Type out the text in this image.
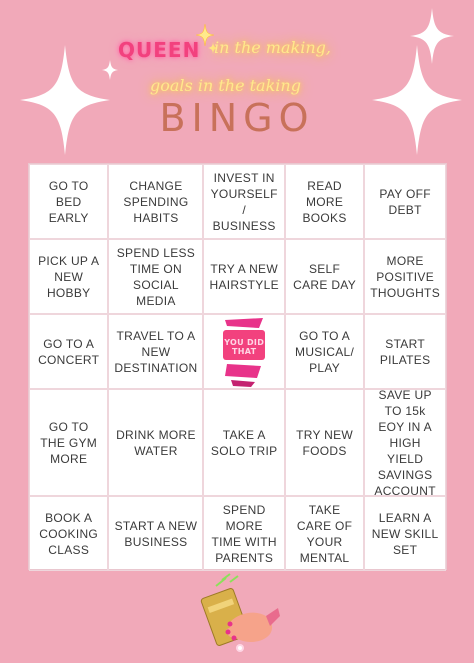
QUEEN in the making,
goals in the taking
BINGO
GO TO BED EARLY
CHANGE SPENDING HABITS
INVEST IN YOURSELF / BUSINESS
READ MORE BOOKS
PAY OFF DEBT
PICK UP A NEW HOBBY
SPEND LESS TIME ON SOCIAL MEDIA
TRY A NEW HAIRSTYLE
SELF CARE DAY
MORE POSITIVE THOUGHTS
GO TO A CONCERT
TRAVEL TO A NEW DESTINATION
YOU DID THAT
GO TO A MUSICAL/ PLAY
START PILATES
GO TO THE GYM MORE
DRINK MORE WATER
TAKE A SOLO TRIP
TRY NEW FOODS
SAVE UP TO 15k EOY IN A HIGH YIELD SAVINGS ACCOUNT
BOOK A COOKING CLASS
START A NEW BUSINESS
SPEND MORE TIME WITH PARENTS
TAKE CARE OF YOUR MENTAL
LEARN A NEW SKILL SET
